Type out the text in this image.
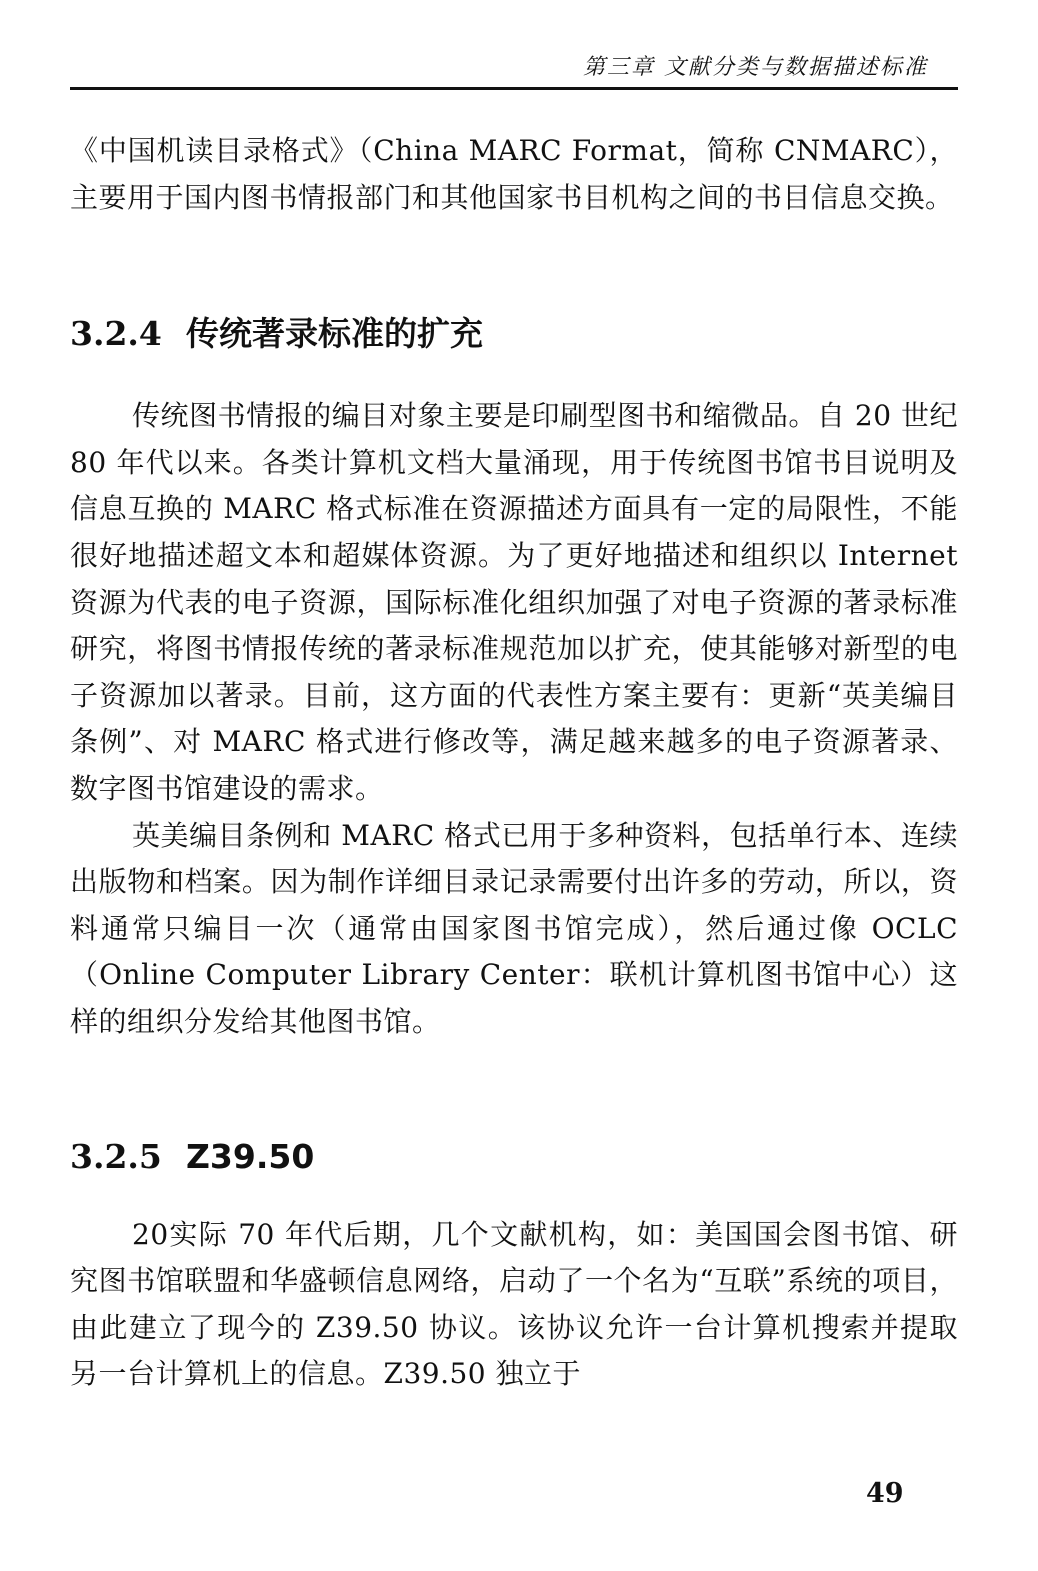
第三章 文献分类与数据描述标准

《中国机读目录格式》（China MARC Format，简称 CNMARC），主要用于国内图书情报部门和其他国家书目机构之间的书目信息交换。

3.2.4 传统著录标准的扩充

传统图书情报的编目对象主要是印刷型图书和缩微品。自 20 世纪 80 年代以来。各类计算机文档大量涌现，用于传统图书馆书目说明及信息互换的 MARC 格式标准在资源描述方面具有一定的局限性，不能很好地描述超文本和超媒体资源。为了更好地描述和组织以 Internet 资源为代表的电子资源，国际标准化组织加强了对电子资源的著录标准研究，将图书情报传统的著录标准规范加以扩充，使其能够对新型的电子资源加以著录。目前，这方面的代表性方案主要有：更新“英美编目条例”、对 MARC 格式进行修改等，满足越来越多的电子资源著录、数字图书馆建设的需求。

英美编目条例和 MARC 格式已用于多种资料，包括单行本、连续出版物和档案。因为制作详细目录记录需要付出许多的劳动，所以，资料通常只编目一次（通常由国家图书馆完成），然后通过像 OCLC（Online Computer Library Center：联机计算机图书馆中心）这样的组织分发给其他图书馆。

3.2.5 Z39.50

20实际 70 年代后期，几个文献机构，如：美国国会图书馆、研究图书馆联盟和华盛顿信息网络，启动了一个名为“互联”系统的项目，由此建立了现今的 Z39.50 协议。该协议允许一台计算机搜索并提取另一台计算机上的信息。Z39.50 独立于

49
